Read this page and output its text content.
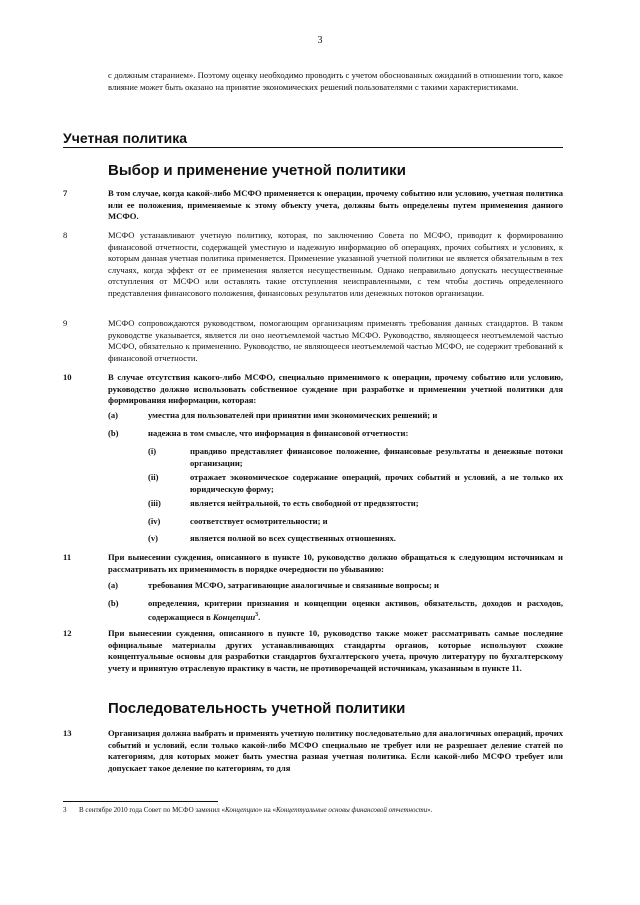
3
с должным старанием». Поэтому оценку необходимо проводить с учетом обоснованных ожиданий в отношении того, какое влияние может быть оказано на принятие экономических решений пользователями с такими характеристиками.
Учетная политика
Выбор и применение учетной политики
7	В том случае, когда какой-либо МСФО применяется к операции, прочему событию или условию, учетная политика или ее положения, применяемые к этому объекту учета, должны быть определены путем применения данного МСФО.
8	МСФО устанавливают учетную политику, которая, по заключению Совета по МСФО, приводит к формированию финансовой отчетности, содержащей уместную и надежную информацию об операциях, прочих событиях и условиях, к которым данная учетная политика применяется. Применение указанной учетной политики не является обязательным в тех случаях, когда эффект от ее применения является несущественным. Однако неправильно допускать несущественные отступления от МСФО или оставлять такие отступления неисправленными, с тем чтобы достичь определенного представления финансового положения, финансовых результатов или денежных потоков организации.
9	МСФО сопровождаются руководством, помогающим организациям применять требования данных стандартов. В таком руководстве указывается, является ли оно неотъемлемой частью МСФО. Руководство, являющееся неотъемлемой частью МСФО, обязательно к применению. Руководство, не являющееся неотъемлемой частью МСФО, не содержит требований к финансовой отчетности.
10	В случае отсутствия какого-либо МСФО, специально применимого к операции, прочему событию или условию, руководство должно использовать собственное суждение при разработке и применении учетной политики для формирования информации, которая:
(a)	уместна для пользователей при принятии ими экономических решений; и
(b)	надежна в том смысле, что информация в финансовой отчетности:
(i)	правдиво представляет финансовое положение, финансовые результаты и денежные потоки организации;
(ii)	отражает экономическое содержание операций, прочих событий и условий, а не только их юридическую форму;
(iii)	является нейтральной, то есть свободной от предвзятости;
(iv)	соответствует осмотрительности; и
(v)	является полной во всех существенных отношениях.
11	При вынесении суждения, описанного в пункте 10, руководство должно обращаться к следующим источникам и рассматривать их применимость в порядке очередности по убыванию:
(a)	требования МСФО, затрагивающие аналогичные и связанные вопросы; и
(b)	определения, критерии признания и концепции оценки активов, обязательств, доходов и расходов, содержащиеся в Концепции$^3$.
12	При вынесении суждения, описанного в пункте 10, руководство также может рассматривать самые последние официальные материалы других устанавливающих стандарты органов, которые используют схожие концептуальные основы для разработки стандартов бухгалтерского учета, прочую литературу по бухгалтерскому учету и принятую отраслевую практику в части, не противоречащей источникам, указанным в пункте 11.
Последовательность учетной политики
13	Организация должна выбрать и применять учетную политику последовательно для аналогичных операций, прочих событий и условий, если только какой-либо МСФО специально не требует или не разрешает деление статей по категориям, для которых может быть уместна разная учетная политика. Если какой-либо МСФО требует или допускает такое деление по категориям, то для
3 В сентябре 2010 года Совет по МСФО заменил «Концепцию» на «Концептуальные основы финансовой отчетности».
